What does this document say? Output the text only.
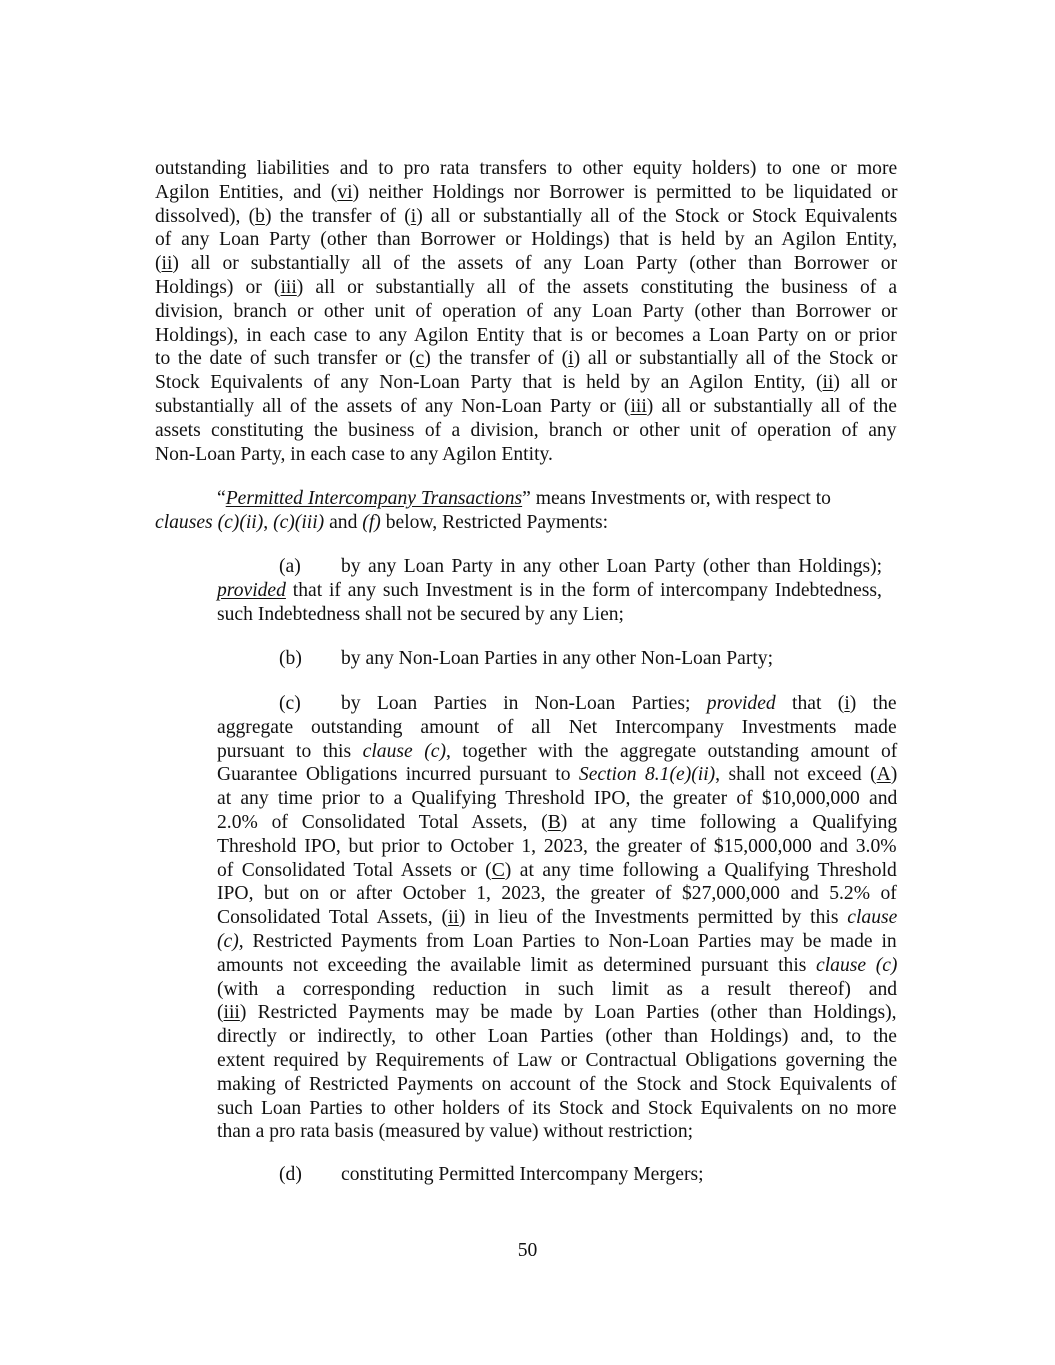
outstanding liabilities and to pro rata transfers to other equity holders) to one or more
Agilon Entities, and (vi) neither Holdings nor Borrower is permitted to be liquidated or
dissolved), (b) the transfer of (i) all or substantially all of the Stock or Stock Equivalents
of any Loan Party (other than Borrower or Holdings) that is held by an Agilon Entity,
(ii) all or substantially all of the assets of any Loan Party (other than Borrower or
Holdings) or (iii) all or substantially all of the assets constituting the business of a
division, branch or other unit of operation of any Loan Party (other than Borrower or
Holdings), in each case to any Agilon Entity that is or becomes a Loan Party on or prior
to the date of such transfer or (c) the transfer of (i) all or substantially all of the Stock or
Stock Equivalents of any Non-Loan Party that is held by an Agilon Entity, (ii) all or
substantially all of the assets of any Non-Loan Party or (iii) all or substantially all of the
assets constituting the business of a division, branch or other unit of operation of any
Non-Loan Party, in each case to any Agilon Entity.
“Permitted Intercompany Transactions” means Investments or, with respect to
clauses (c)(ii), (c)(iii) and (f) below, Restricted Payments:
(a) by any Loan Party in any other Loan Party (other than Holdings);
provided that if any such Investment is in the form of intercompany Indebtedness,
such Indebtedness shall not be secured by any Lien;
(b) by any Non-Loan Parties in any other Non-Loan Party;
(c) by Loan Parties in Non-Loan Parties; provided that (i) the
aggregate outstanding amount of all Net Intercompany Investments made
pursuant to this clause (c), together with the aggregate outstanding amount of
Guarantee Obligations incurred pursuant to Section 8.1(e)(ii), shall not exceed (A)
at any time prior to a Qualifying Threshold IPO, the greater of $10,000,000 and
2.0% of Consolidated Total Assets, (B) at any time following a Qualifying
Threshold IPO, but prior to October 1, 2023, the greater of $15,000,000 and 3.0%
of Consolidated Total Assets or (C) at any time following a Qualifying Threshold
IPO, but on or after October 1, 2023, the greater of $27,000,000 and 5.2% of
Consolidated Total Assets, (ii) in lieu of the Investments permitted by this clause
(c), Restricted Payments from Loan Parties to Non-Loan Parties may be made in
amounts not exceeding the available limit as determined pursuant this clause (c)
(with a corresponding reduction in such limit as a result thereof) and
(iii) Restricted Payments may be made by Loan Parties (other than Holdings),
directly or indirectly, to other Loan Parties (other than Holdings) and, to the
extent required by Requirements of Law or Contractual Obligations governing the
making of Restricted Payments on account of the Stock and Stock Equivalents of
such Loan Parties to other holders of its Stock and Stock Equivalents on no more
than a pro rata basis (measured by value) without restriction;
(d) constituting Permitted Intercompany Mergers;
50
